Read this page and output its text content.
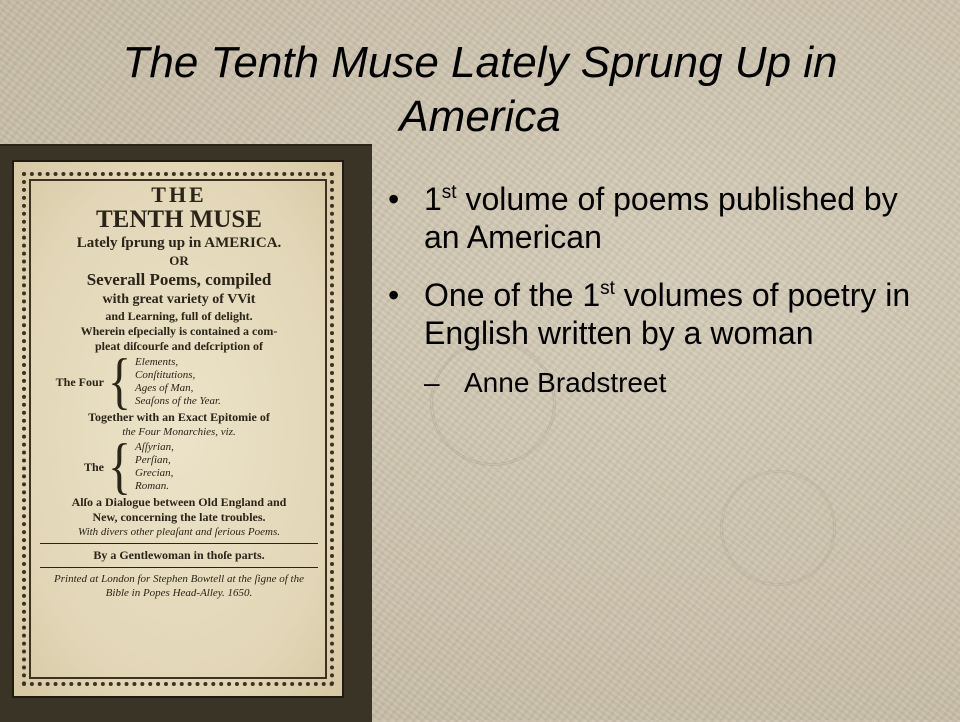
The Tenth Muse Lately Sprung Up in America
THE
TENTH MUSE
Lately ſprung up in AMERICA.
OR
Severall Poems, compiled
with great variety of VVit
and Learning, full of delight.
Wherein eſpecially is contained a com-
pleat diſcourſe and deſcription of
The Four { Elements,
Conſtitutions,
Ages of Man,
Seaſons of the Year.
Together with an Exact Epitomie of
the Four Monarchies, viz.
The { Aſſyrian,
Perſian,
Grecian,
Roman.
Alſo a Dialogue between Old England and
New, concerning the late troubles.
With divers other pleaſant and ſerious Poems.
By a Gentlewoman in thoſe parts.
Printed at London for Stephen Bowtell at the ſigne of the
Bible in Popes Head-Alley. 1650.
• 1st volume of poems published by an American
• One of the 1st volumes of poetry in English written by a woman
– Anne Bradstreet
